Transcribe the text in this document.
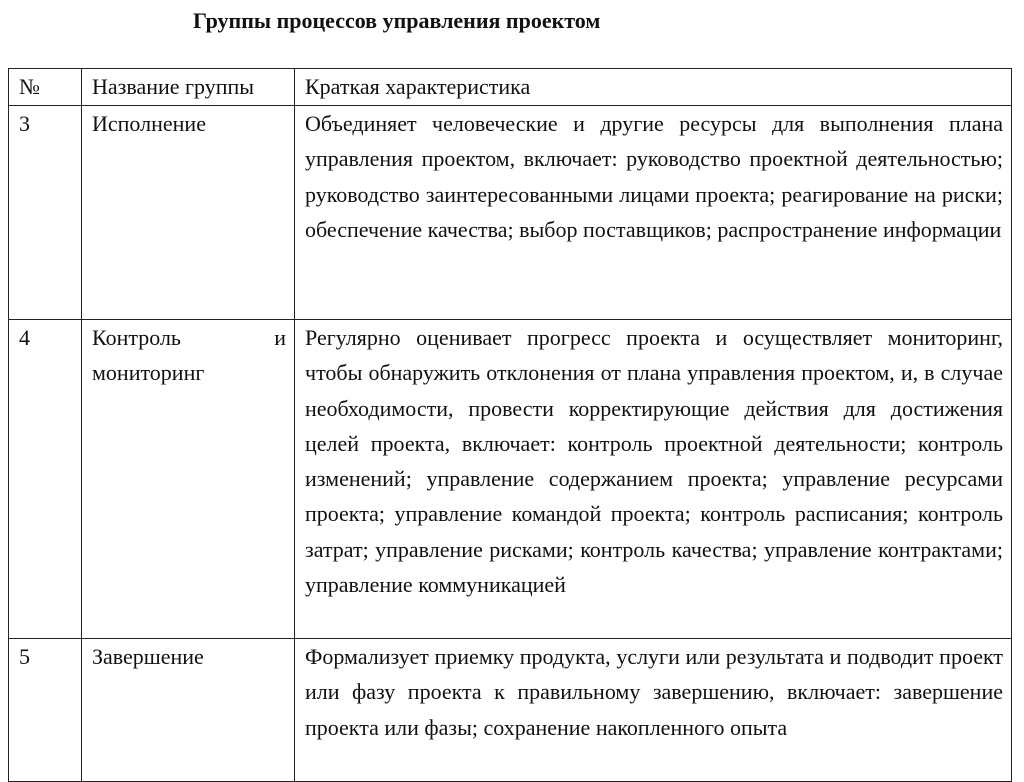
Группы процессов управления проектом
№	Название группы	Краткая характеристика
3	Исполнение	Объединяет человеческие и другие ресурсы для выполнения плана управления проектом, включает: руководство проектной деятельностью; руководство заинтересованными лицами проекта; реагирование на риски; обеспечение качества; выбор поставщиков; распространение информации
4	Контроль и мониторинг	Регулярно оценивает прогресс проекта и осуществляет мониторинг, чтобы обнаружить отклонения от плана управления проектом, и, в случае необходимости, провести корректирующие действия для достижения целей проекта, включает: контроль проектной деятельности; контроль изменений; управление содержанием проекта; управление ресурсами проекта; управление командой проекта; контроль расписания; контроль затрат; управление рисками; контроль качества; управление контрактами; управление коммуникацией
5	Завершение	Формализует приемку продукта, услуги или результата и подводит проект или фазу проекта к правильному завершению, включает: завершение проекта или фазы; сохранение накопленного опыта
